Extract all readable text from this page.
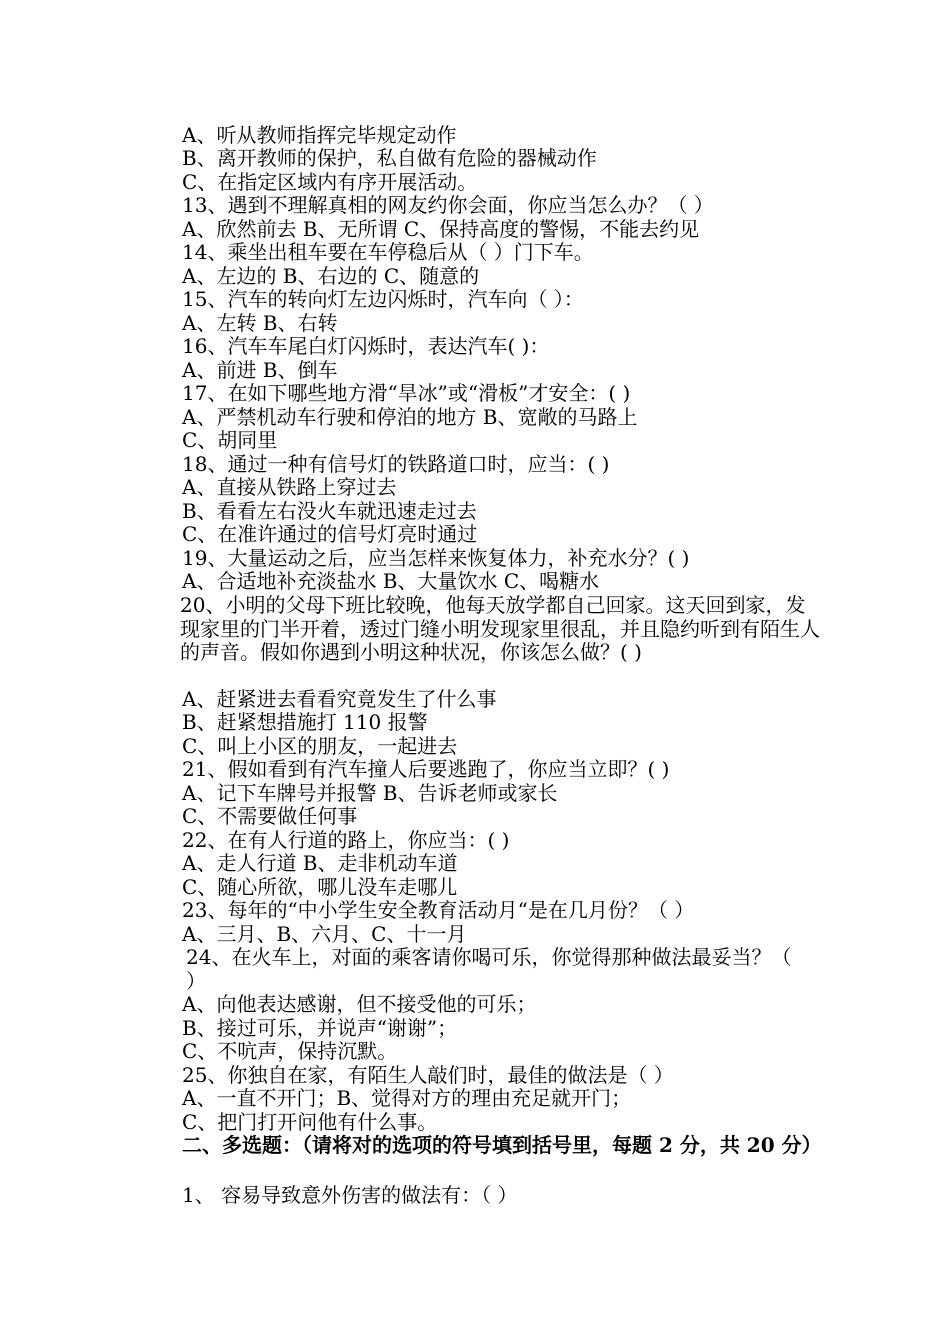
A、听从教师指挥完毕规定动作
B、离开教师的保护，私自做有危险的器械动作
C、在指定区域内有序开展活动。
13、遇到不理解真相的网友约你会面，你应当怎么办？（ ）
A、欣然前去 B、无所谓 C、保持高度的警惕，不能去约见
14、乘坐出租车要在车停稳后从（ ）门下车。
A、左边的 B、右边的 C、随意的
15、汽车的转向灯左边闪烁时，汽车向（ ）：
A、左转 B、右转
16、汽车车尾白灯闪烁时，表达汽车( )：
A、前进 B、倒车
17、在如下哪些地方滑“旱冰”或“滑板”才安全：( )
A、严禁机动车行驶和停泊的地方 B、宽敞的马路上
C、胡同里
18、通过一种有信号灯的铁路道口时，应当：( )
A、直接从铁路上穿过去
B、看看左右没火车就迅速走过去
C、在准许通过的信号灯亮时通过
19、大量运动之后，应当怎样来恢复体力，补充水分？( )
A、合适地补充淡盐水 B、大量饮水 C、喝糖水
20、小明的父母下班比较晚，他每天放学都自己回家。这天回到家，发现家里的门半开着，透过门缝小明发现家里很乱，并且隐约听到有陌生人的声音。假如你遇到小明这种状况，你该怎么做？( )
A、赶紧进去看看究竟发生了什么事
B、赶紧想措施打 110 报警
C、叫上小区的朋友，一起进去
21、假如看到有汽车撞人后要逃跑了，你应当立即？( )
A、记下车牌号并报警 B、告诉老师或家长
C、不需要做任何事
22、在有人行道的路上，你应当：( )
A、走人行道 B、走非机动车道
C、随心所欲，哪儿没车走哪儿
23、每年的“中小学生安全教育活动月“是在几月份？（ ）
A、三月、B、六月、C、十一月
24、在火车上，对面的乘客请你喝可乐，你觉得那种做法最妥当？（ ）
A、向他表达感谢，但不接受他的可乐；
B、接过可乐，并说声“谢谢”；
C、不吭声，保持沉默。
25、你独自在家，有陌生人敲们时，最佳的做法是（ ）
A、一直不开门；B、觉得对方的理由充足就开门；
C、把门打开问他有什么事。
二、多选题：（请将对的选项的符号填到括号里，每题 2 分，共 20 分）
1、 容易导致意外伤害的做法有：（ ）
